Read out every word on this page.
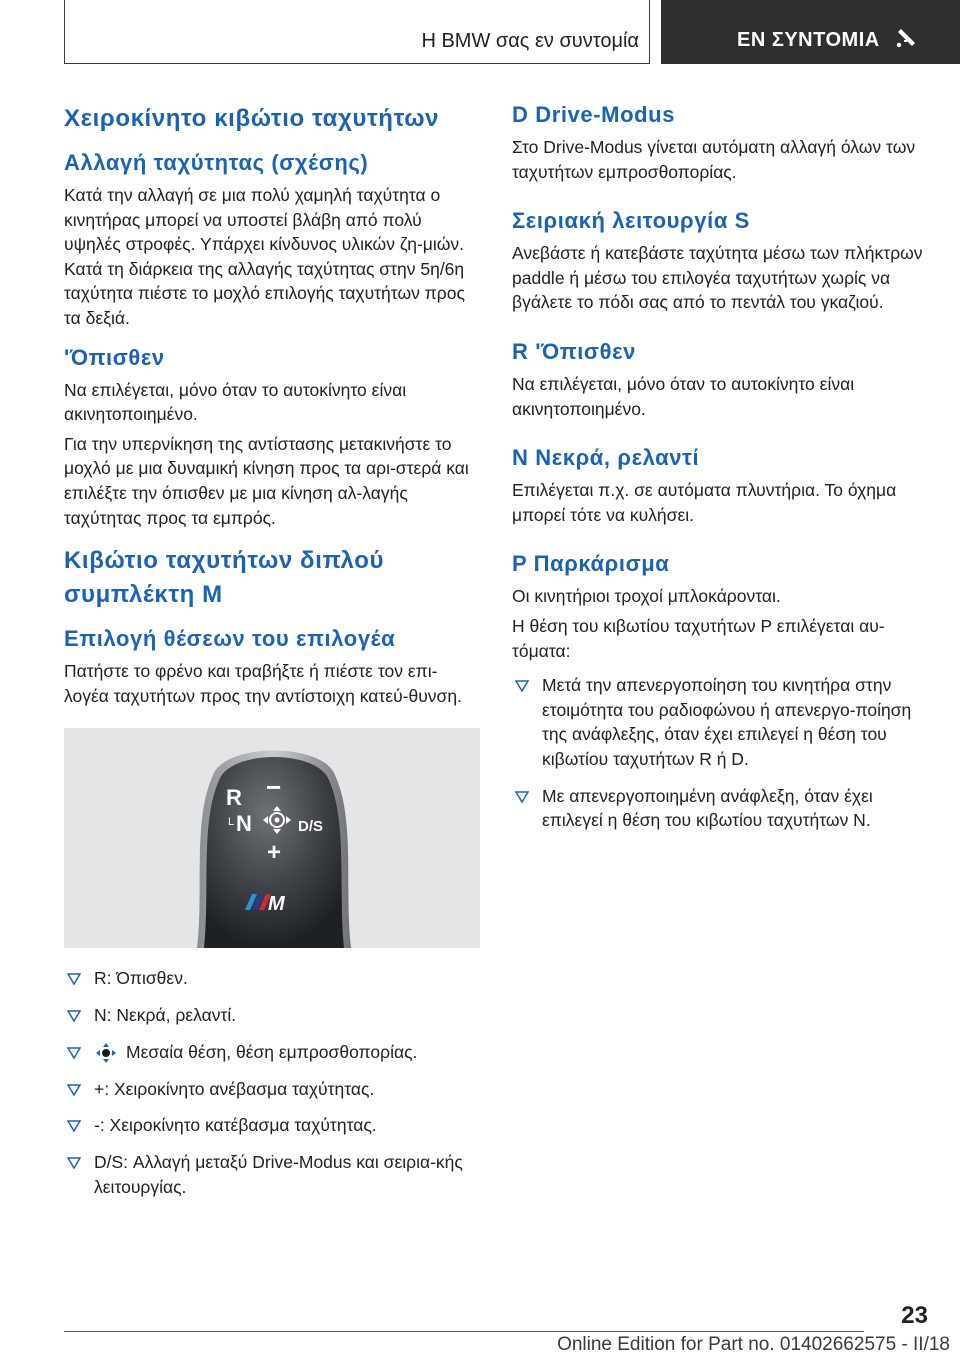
Η BMW σας εν συντομία	ΕΝ ΣΥΝΤΟΜΙΑ
Χειροκίνητο κιβώτιο ταχυτήτων
Αλλαγή ταχύτητας (σχέσης)

Κατά την αλλαγή σε μια πολύ χαμηλή ταχύτητα ο κινητήρας μπορεί να υποστεί βλάβη από πολύ υψηλές στροφές. Υπάρχει κίνδυνος υλικών ζη-μιών. Κατά τη διάρκεια της αλλαγής ταχύτητας στην 5η/6η ταχύτητα πιέστε το μοχλό επιλογής ταχυτήτων προς τα δεξιά.

'Όπισθεν

Να επιλέγεται, μόνο όταν το αυτοκίνητο είναι ακινητοποιημένο.

Για την υπερνίκηση της αντίστασης μετακινήστε το μοχλό με μια δυναμική κίνηση προς τα αρι-στερά και επιλέξτε την όπισθεν με μια κίνηση αλ-λαγής ταχύτητας προς τα εμπρός.

Κιβώτιο ταχυτήτων διπλού συμπλέκτη M
Επιλογή θέσεων του επιλογέα

Πατήστε το φρένο και τραβήξτε ή πιέστε τον επι-λογέα ταχυτήτων προς την αντίστοιχη κατεύ-θυνση.

R −
L N	D/S
+
M
R: Όπισθεν.
N: Νεκρά, ρελαντί.
Μεσαία θέση, θέση εμπροσθοπορίας.
+: Χειροκίνητο ανέβασμα ταχύτητας.
-: Χειροκίνητο κατέβασμα ταχύτητας.
D/S: Αλλαγή μεταξύ Drive-Modus και σειρια-κής λειτουργίας.
D Drive-Modus

Στο Drive-Modus γίνεται αυτόματη αλλαγή όλων των ταχυτήτων εμπροσθοπορίας.

Σειριακή λειτουργία S

Ανεβάστε ή κατεβάστε ταχύτητα μέσω των πλήκτρων paddle ή μέσω του επιλογέα ταχυτήτων χωρίς να βγάλετε το πόδι σας από το πεντάλ του γκαζιού.

R 'Όπισθεν

Να επιλέγεται, μόνο όταν το αυτοκίνητο είναι ακινητοποιημένο.

N Νεκρά, ρελαντί

Επιλέγεται π.χ. σε αυτόματα πλυντήρια. Το όχημα μπορεί τότε να κυλήσει.

P Παρκάρισμα

Οι κινητήριοι τροχοί μπλοκάρονται.

Η θέση του κιβωτίου ταχυτήτων P επιλέγεται αυ-τόματα:

Μετά την απενεργοποίηση του κινητήρα στην ετοιμότητα του ραδιοφώνου ή απενεργο-ποίηση της ανάφλεξης, όταν έχει επιλεγεί η θέση του κιβωτίου ταχυτήτων R ή D.
Με απενεργοποιημένη ανάφλεξη, όταν έχει επιλεγεί η θέση του κιβωτίου ταχυτήτων N.
23
Online Edition for Part no. 01402662575 - II/18
